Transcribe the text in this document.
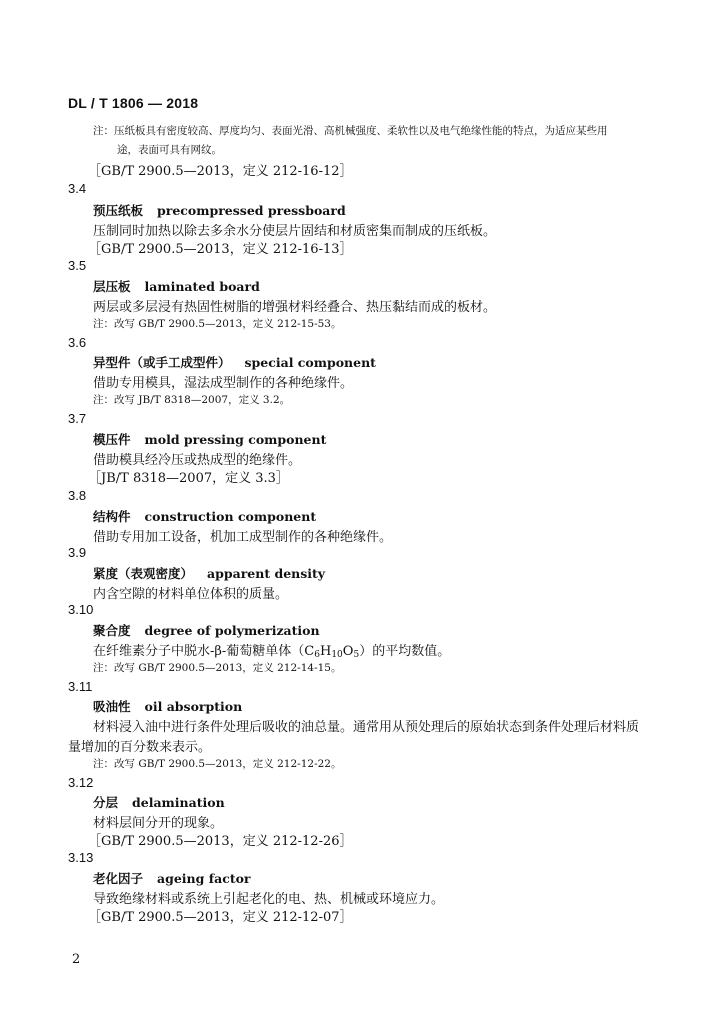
DL / T 1806 — 2018
注：压纸板具有密度较高、厚度均匀、表面光滑、高机械强度、柔软性以及电气绝缘性能的特点，为适应某些用
途，表面可具有网纹。
［GB/T 2900.5—2013，定义 212-16-12］
3.4
预压纸板 precompressed pressboard
压制同时加热以除去多余水分使层片固结和材质密集而制成的压纸板。
［GB/T 2900.5—2013，定义 212-16-13］
3.5
层压板 laminated board
两层或多层浸有热固性树脂的增强材料经叠合、热压黏结而成的板材。
注：改写 GB/T 2900.5—2013，定义 212-15-53。
3.6
异型件（或手工成型件） special component
借助专用模具，湿法成型制作的各种绝缘件。
注：改写 JB/T 8318—2007，定义 3.2。
3.7
模压件 mold pressing component
借助模具经冷压或热成型的绝缘件。
［JB/T 8318—2007，定义 3.3］
3.8
结构件 construction component
借助专用加工设备，机加工成型制作的各种绝缘件。
3.9
紧度（表观密度） apparent density
内含空隙的材料单位体积的质量。
3.10
聚合度 degree of polymerization
在纤维素分子中脱水-β-葡萄糖单体$(C_6H_{10}O_5)$的平均数值。
注：改写 GB/T 2900.5—2013，定义 212-14-15。
3.11
吸油性 oil absorption
材料浸入油中进行条件处理后吸收的油总量。通常用从预处理后的原始状态到条件处理后材料质
量增加的百分数来表示。
注：改写 GB/T 2900.5—2013，定义 212-12-22。
3.12
分层 delamination
材料层间分开的现象。
［GB/T 2900.5—2013，定义 212-12-26］
3.13
老化因子 ageing factor
导致绝缘材料或系统上引起老化的电、热、机械或环境应力。
［GB/T 2900.5—2013，定义 212-12-07］
2
